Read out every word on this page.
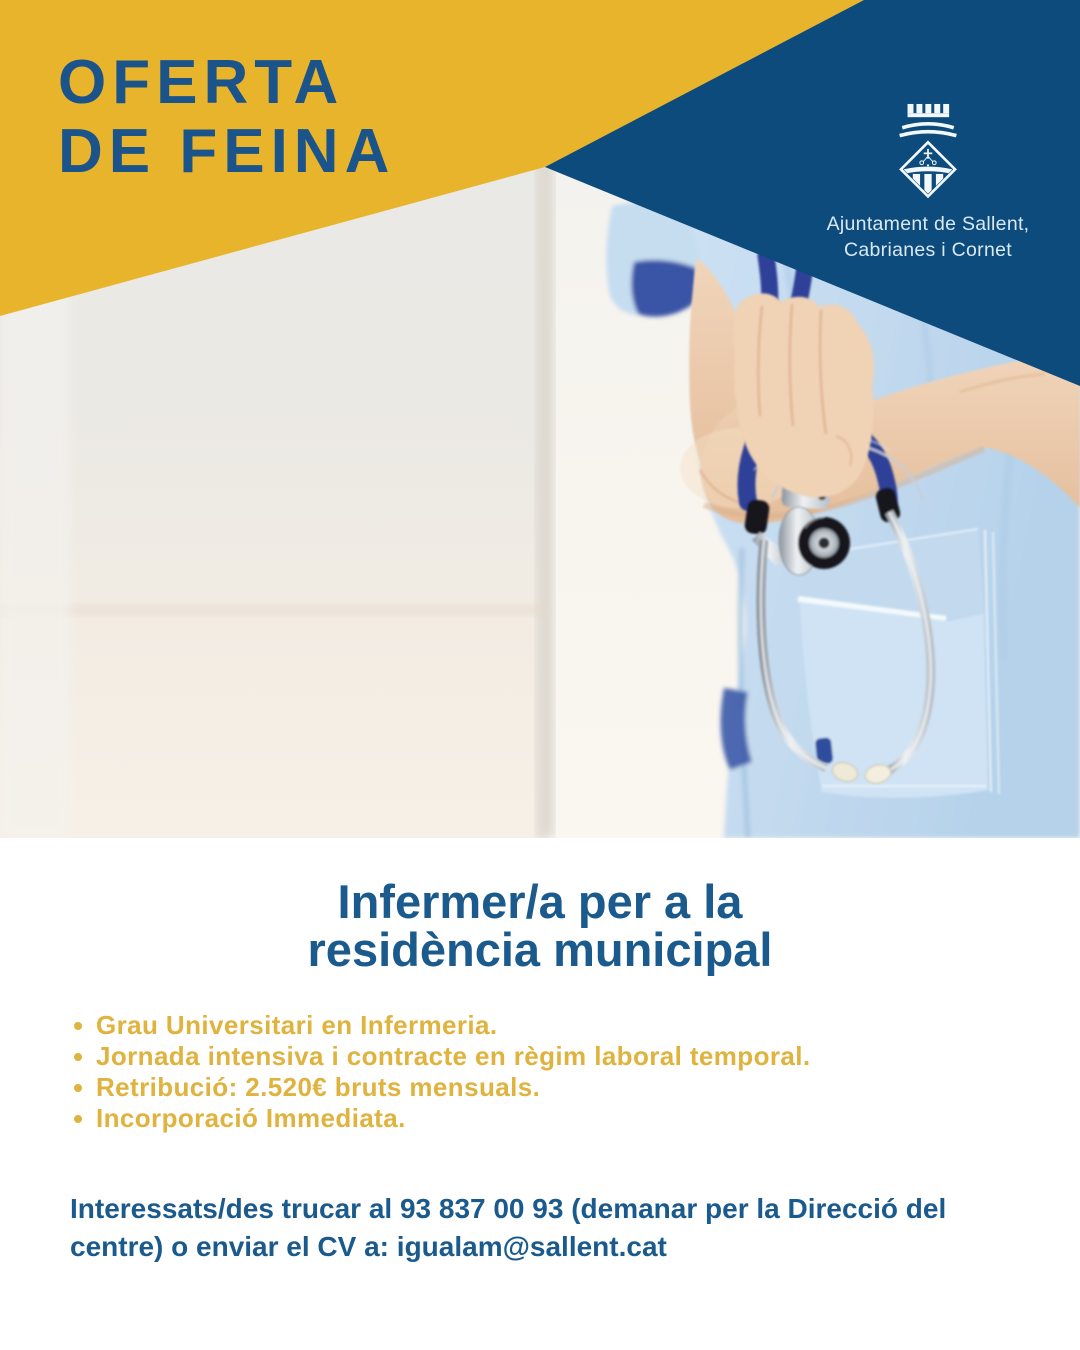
OFERTA
DE FEINA
Ajuntament de Sallent,
Cabrianes i Cornet
Infermer/a per a la
residència municipal
Grau Universitari en Infermeria.
Jornada intensiva i contracte en règim laboral temporal.
Retribució: 2.520€ bruts mensuals.
Incorporació Immediata.

Interessats/des trucar al 93 837 00 93 (demanar per la Direcció del
centre) o enviar el CV a: igualam@sallent.cat
